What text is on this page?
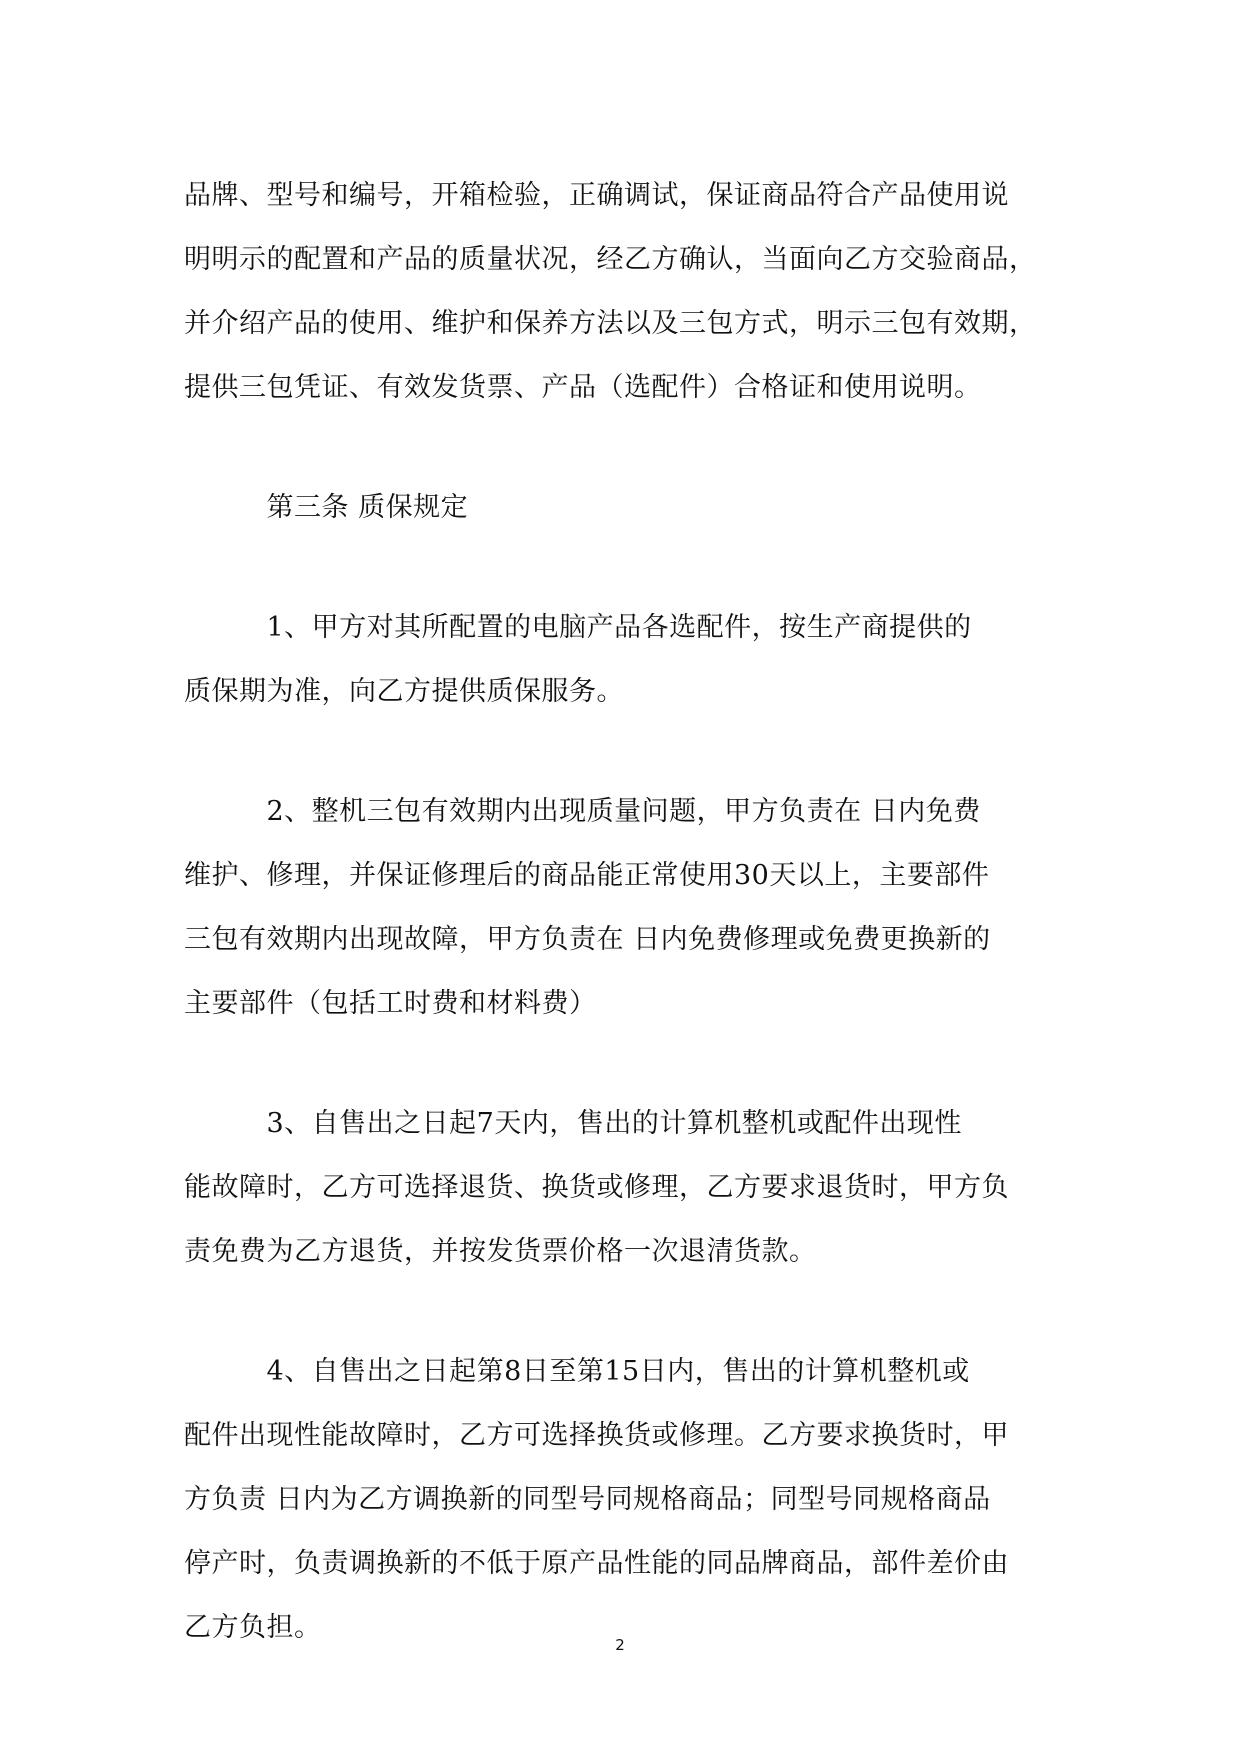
品牌、型号和编号，开箱检验，正确调试，保证商品符合产品使用说
明明示的配置和产品的质量状况，经乙方确认，当面向乙方交验商品，
并介绍产品的使用、维护和保养方法以及三包方式，明示三包有效期，
提供三包凭证、有效发货票、产品（选配件）合格证和使用说明。
　　　第三条 质保规定
　　　1、甲方对其所配置的电脑产品各选配件，按生产商提供的
质保期为准，向乙方提供质保服务。
　　　2、整机三包有效期内出现质量问题，甲方负责在 日内免费
维护、修理，并保证修理后的商品能正常使用30天以上，主要部件
三包有效期内出现故障，甲方负责在 日内免费修理或免费更换新的
主要部件（包括工时费和材料费）
　　　3、自售出之日起7天内，售出的计算机整机或配件出现性
能故障时，乙方可选择退货、换货或修理，乙方要求退货时，甲方负
责免费为乙方退货，并按发货票价格一次退清货款。
　　　4、自售出之日起第8日至第15日内，售出的计算机整机或
配件出现性能故障时，乙方可选择换货或修理。乙方要求换货时，甲
方负责 日内为乙方调换新的同型号同规格商品；同型号同规格商品
停产时，负责调换新的不低于原产品性能的同品牌商品，部件差价由
乙方负担。
2
